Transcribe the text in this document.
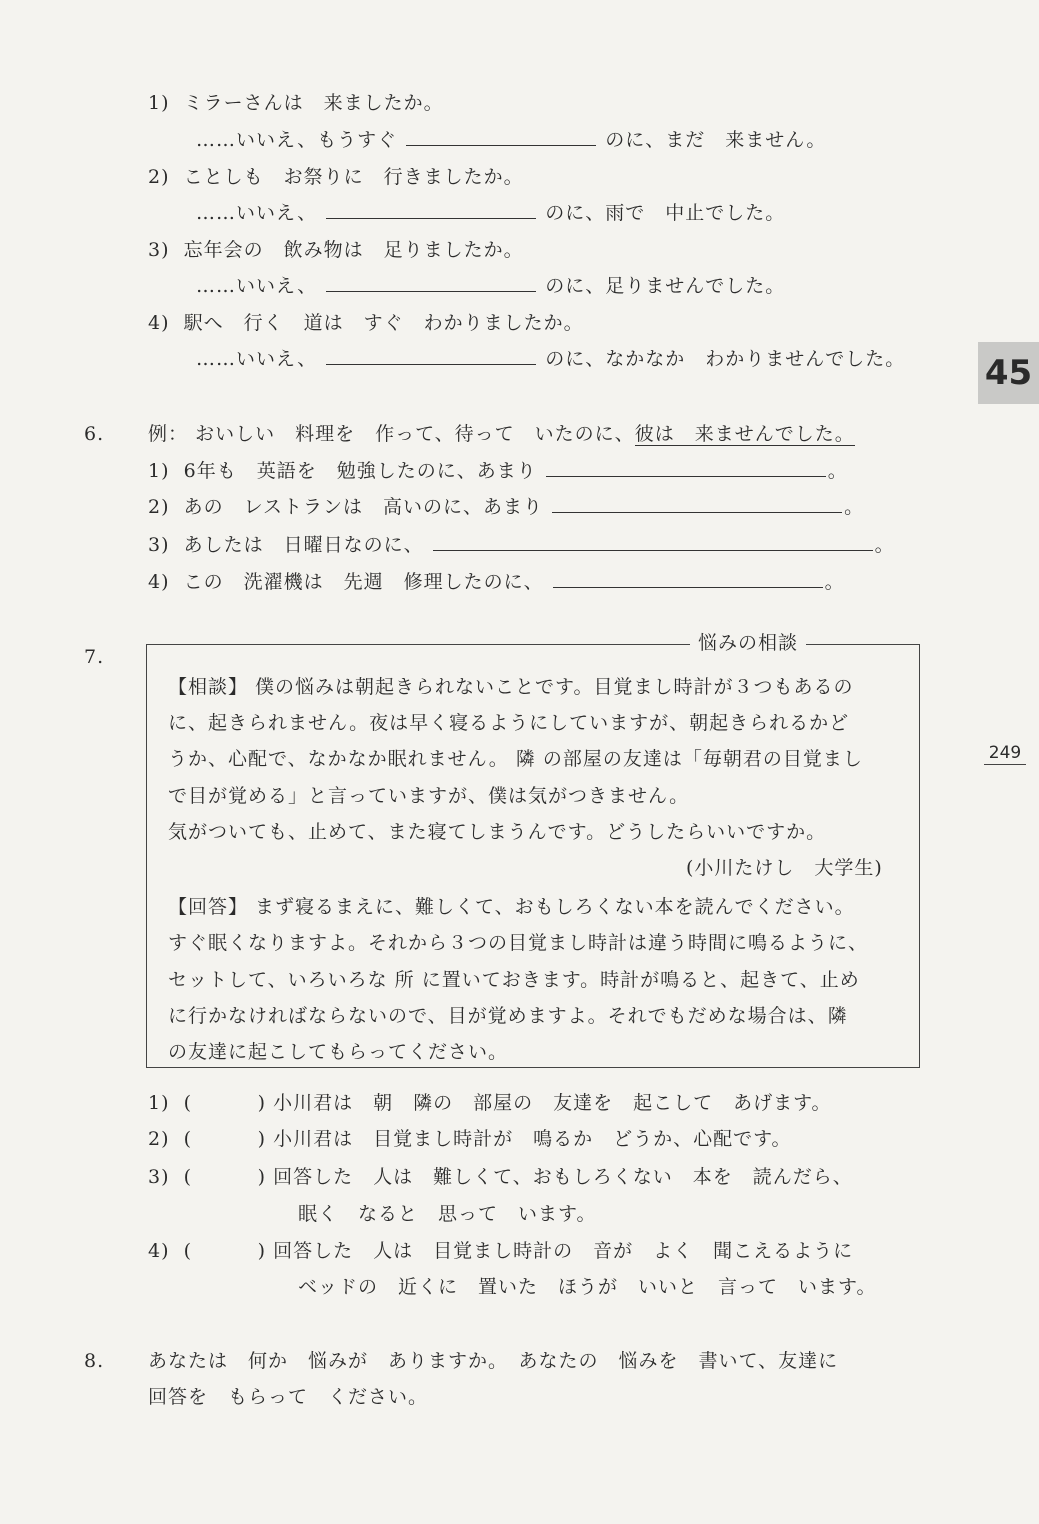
45
249
1) ミラーさんは　来ましたか。
……いいえ、もうすぐ	のに、まだ　来ません。
2) ことしも　お祭りに　行きましたか。
……いいえ、	のに、雨で　中止でした。
3) 忘年会の　飲み物は　足りましたか。
……いいえ、	のに、足りませんでした。
4) 駅へ　行く　道は　すぐ　わかりましたか。
……いいえ、	のに、なかなか　わかりませんでした。
6. 例： おいしい　料理を　作って、待って　いたのに、彼は　来ませんでした。
1) 6年も　英語を　勉強したのに、あまり	。
2) あの　レストランは　高いのに、あまり	。
3) あしたは　日曜日なのに、	。
4) この　洗濯機は　先週　修理したのに、	。
7.
悩みの相談
【相談】 僕の悩みは朝起きられないことです。目覚まし時計が３つもあるの
に、起きられません。夜は早く寝るようにしていますが、朝起きられるかど
うか、心配で、なかなか眠れません。 隣 の部屋の友達は「毎朝君の目覚まし
で目が覚める」と言っていますが、僕は気がつきません。
気がついても、止めて、また寝てしまうんです。どうしたらいいですか。
(小川たけし　大学生)
【回答】 まず寝るまえに、難しくて、おもしろくない本を読んでください。
すぐ眠くなりますよ。それから３つの目覚まし時計は違う時間に鳴るように、
セットして、いろいろな 所 に置いておきます。時計が鳴ると、起きて、止め
に行かなければならないので、目が覚めますよ。それでもだめな場合は、隣
の友達に起こしてもらってください。
1) (	) 小川君は　朝　隣の　部屋の　友達を　起こして　あげます。
2) (	) 小川君は　目覚まし時計が　鳴るか　どうか、心配です。
3) (	) 回答した　人は　難しくて、おもしろくない　本を　読んだら、
眠く　なると　思って　います。
4) (	) 回答した　人は　目覚まし時計の　音が　よく　聞こえるように
ベッドの　近くに　置いた　ほうが　いいと　言って　います。
8. あなたは　何か　悩みが　ありますか。　あなたの　悩みを　書いて、友達に
回答を　もらって　ください。
